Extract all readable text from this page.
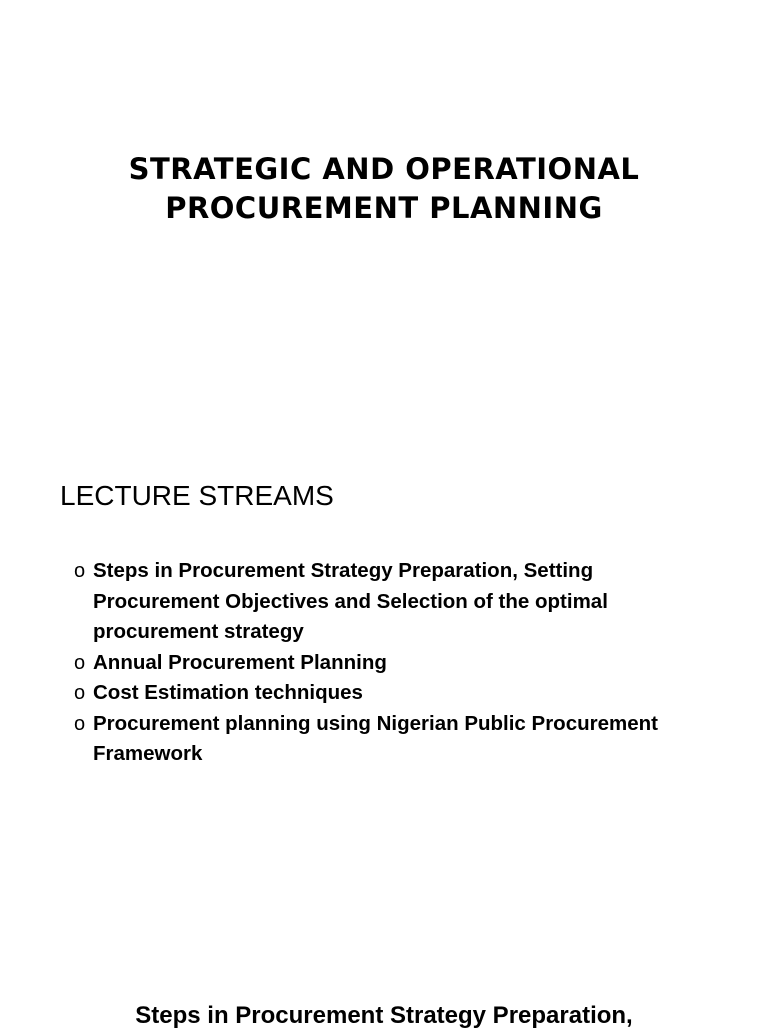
STRATEGIC AND OPERATIONAL
PROCUREMENT PLANNING
LECTURE STREAMS
o Steps in Procurement Strategy Preparation, Setting Procurement Objectives and Selection of the optimal procurement strategy
o Annual Procurement Planning
o Cost Estimation techniques
o Procurement planning using Nigerian Public Procurement Framework
Steps in Procurement Strategy Preparation,
